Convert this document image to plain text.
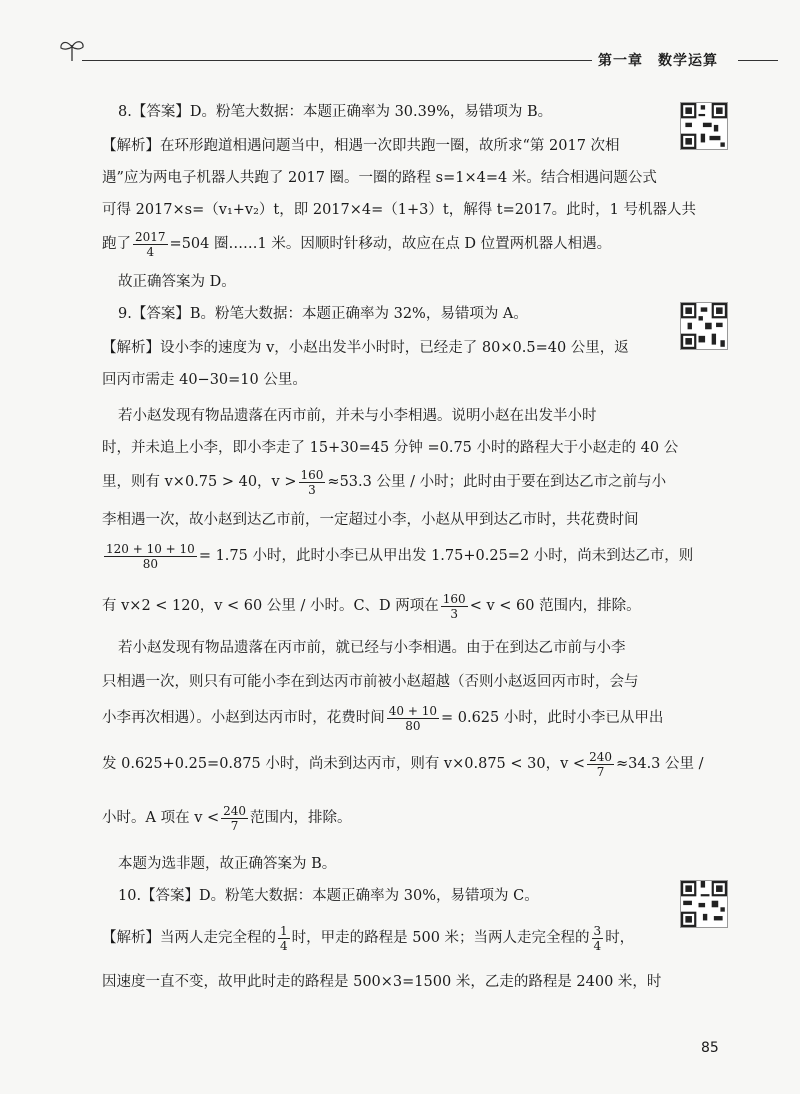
第一章　数学运算
8.【答案】D。粉笔大数据：本题正确率为 30.39%，易错项为 B。
【解析】在环形跑道相遇问题当中，相遇一次即共跑一圈，故所求“第 2017 次相
遇”应为两电子机器人共跑了 2017 圈。一圈的路程 s=1×4=4 米。结合相遇问题公式
可得 2017×s=（v₁+v₂）t，即 2017×4=（1+3）t，解得 t=2017。此时，1 号机器人共
跑了 $\frac{2017}{4} =504$ 圈……1 米。因顺时针移动，故应在点 D 位置两机器人相遇。
故正确答案为 D。
9.【答案】B。粉笔大数据：本题正确率为 32%，易错项为 A。
【解析】设小李的速度为 v，小赵出发半小时时，已经走了 80×0.5=40 公里，返
回丙市需走 40−30=10 公里。
若小赵发现有物品遗落在丙市前，并未与小李相遇。说明小赵在出发半小时
时，并未追上小李，即小李走了 15+30=45 分钟 =0.75 小时的路程大于小赵走的 40 公
里，则有 v×0.75 > 40，$v > \frac{160}{3} \approx 53.3$ 公里 / 小时；此时由于要在到达乙市之前与小
李相遇一次，故小赵到达乙市前，一定超过小李，小赵从甲到达乙市时，共花费时间
$\frac{120 + 10 + 10}{80} = 1.75$ 小时，此时小李已从甲出发 1.75+0.25=2 小时，尚未到达乙市，则
有 v×2 < 120，v < 60 公里 / 小时。C、D 两项在 $\frac{160}{3} < v < 60$ 范围内，排除。
若小赵发现有物品遗落在丙市前，就已经与小李相遇。由于在到达乙市前与小李
只相遇一次，则只有可能小李在到达丙市前被小赵超越（否则小赵返回丙市时，会与
小李再次相遇）。小赵到达丙市时，花费时间 $\frac{40 + 10}{80} = 0.625$ 小时，此时小李已从甲出
发 0.625+0.25=0.875 小时，尚未到达丙市，则有 v×0.875 < 30，$v < \frac{240}{7} \approx 34.3$ 公里 /
小时。A 项在 $v < \frac{240}{7}$ 范围内，排除。
本题为选非题，故正确答案为 B。
10.【答案】D。粉笔大数据：本题正确率为 30%，易错项为 C。
【解析】当两人走完全程的 $\frac{1}{4}$ 时，甲走的路程是 500 米；当两人走完全程的 $\frac{3}{4}$ 时，
因速度一直不变，故甲此时走的路程是 500×3=1500 米，乙走的路程是 2400 米，时
85
